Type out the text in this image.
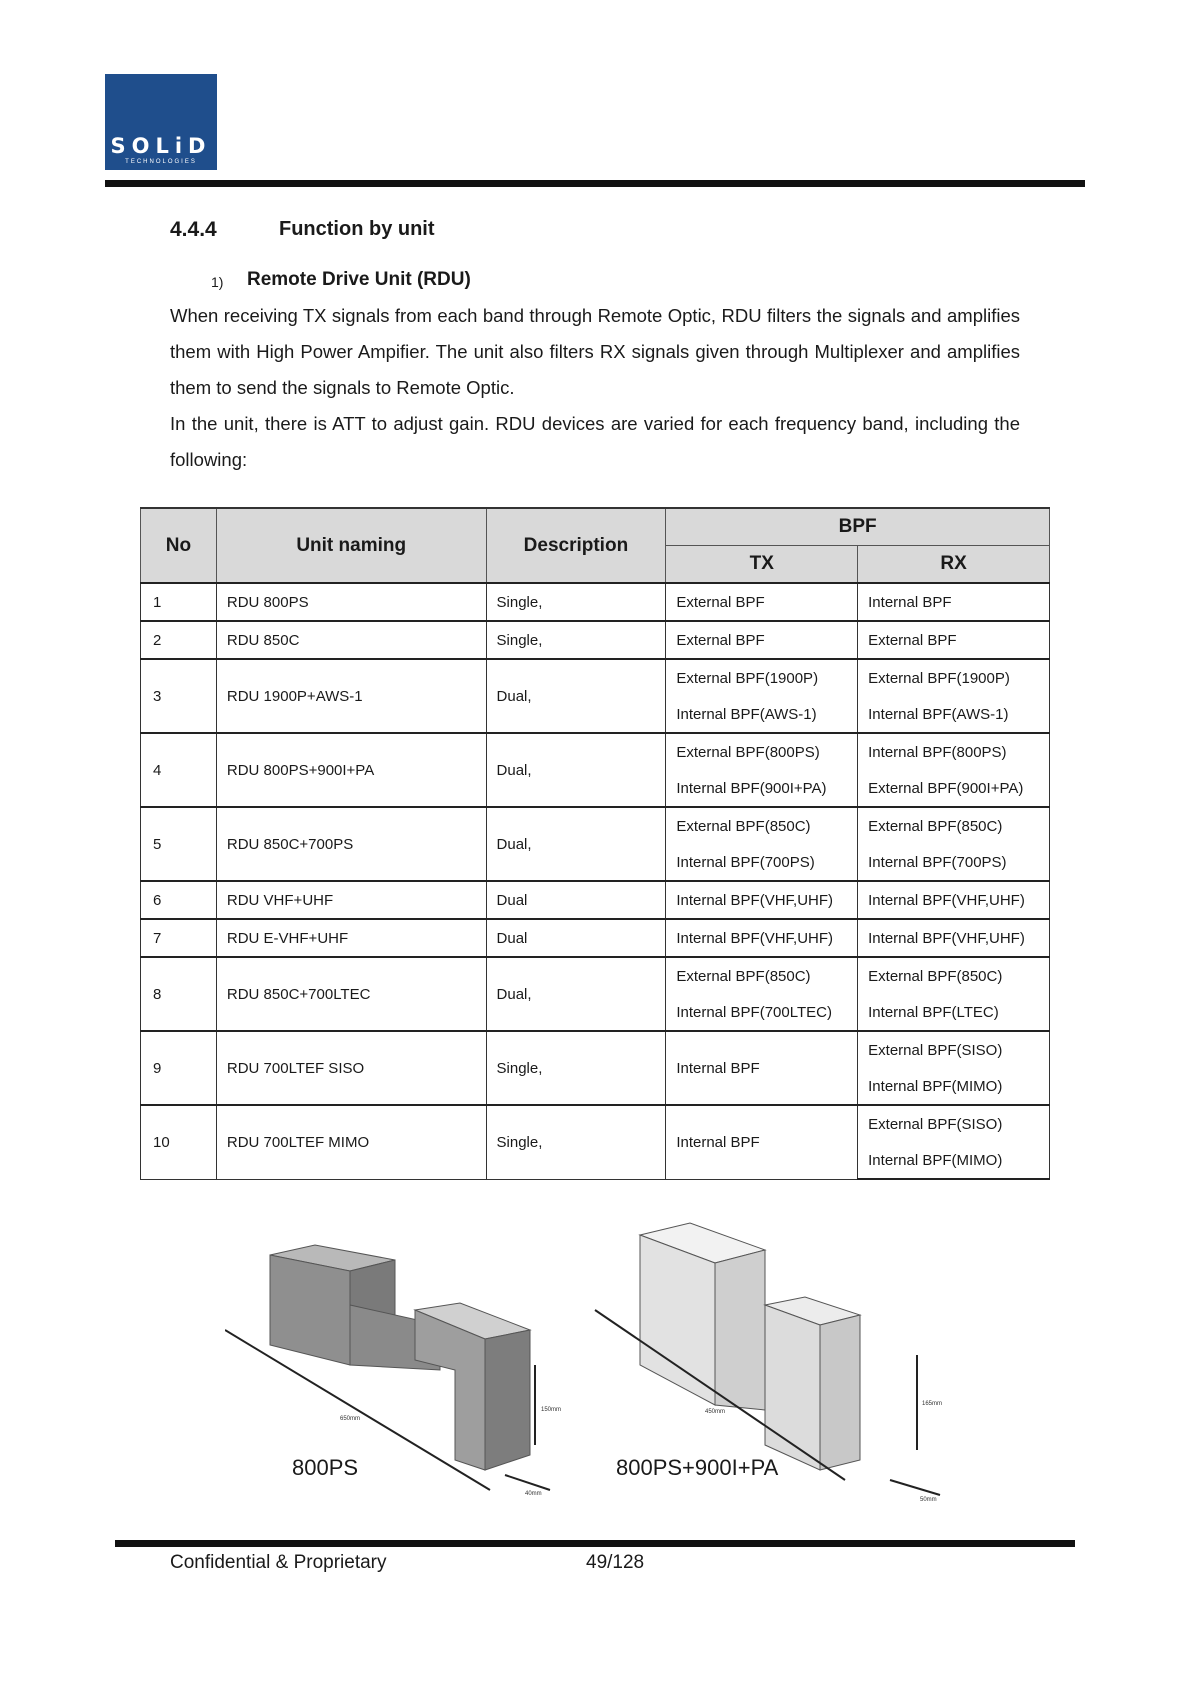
SOLiD
TECHNOLOGIES
4.4.4	Function by unit
1) Remote Drive Unit (RDU)

When receiving TX signals from each band through Remote Optic, RDU filters the signals and amplifies them with High Power Ampifier. The unit also filters RX signals given through Multiplexer and amplifies them to send the signals to Remote Optic.

In the unit, there is ATT to adjust gain. RDU devices are varied for each frequency band, including the following:

No	Unit naming	Description	BPF	
			TX	RX
1	RDU 800PS	Single,	External BPF	Internal BPF
2	RDU 850C	Single,	External BPF	External BPF
3	RDU 1900P+AWS-1	Dual,	External BPF(1900P)	External BPF(1900P)
			Internal BPF(AWS-1)	Internal BPF(AWS-1)
4	RDU 800PS+900I+PA	Dual,	External BPF(800PS)	Internal BPF(800PS)
			Internal BPF(900I+PA)	External BPF(900I+PA)
5	RDU 850C+700PS	Dual,	External BPF(850C)	External BPF(850C)
			Internal BPF(700PS)	Internal BPF(700PS)
6	RDU VHF+UHF	Dual	Internal BPF(VHF,UHF)	Internal BPF(VHF,UHF)
7	RDU E-VHF+UHF	Dual	Internal BPF(VHF,UHF)	Internal BPF(VHF,UHF)
8	RDU 850C+700LTEC	Dual,	External BPF(850C)	External BPF(850C)
			Internal BPF(700LTEC)	Internal BPF(LTEC)
9	RDU 700LTEF SISO	Single,	Internal BPF	External BPF(SISO)
				Internal BPF(MIMO)
10	RDU 700LTEF MIMO	Single,	Internal BPF	External BPF(SISO)
				Internal BPF(MIMO)
650mm
150mm
40mm
800PS
450mm
165mm
50mm
800PS+900I+PA
Confidential & Proprietary	49/128
